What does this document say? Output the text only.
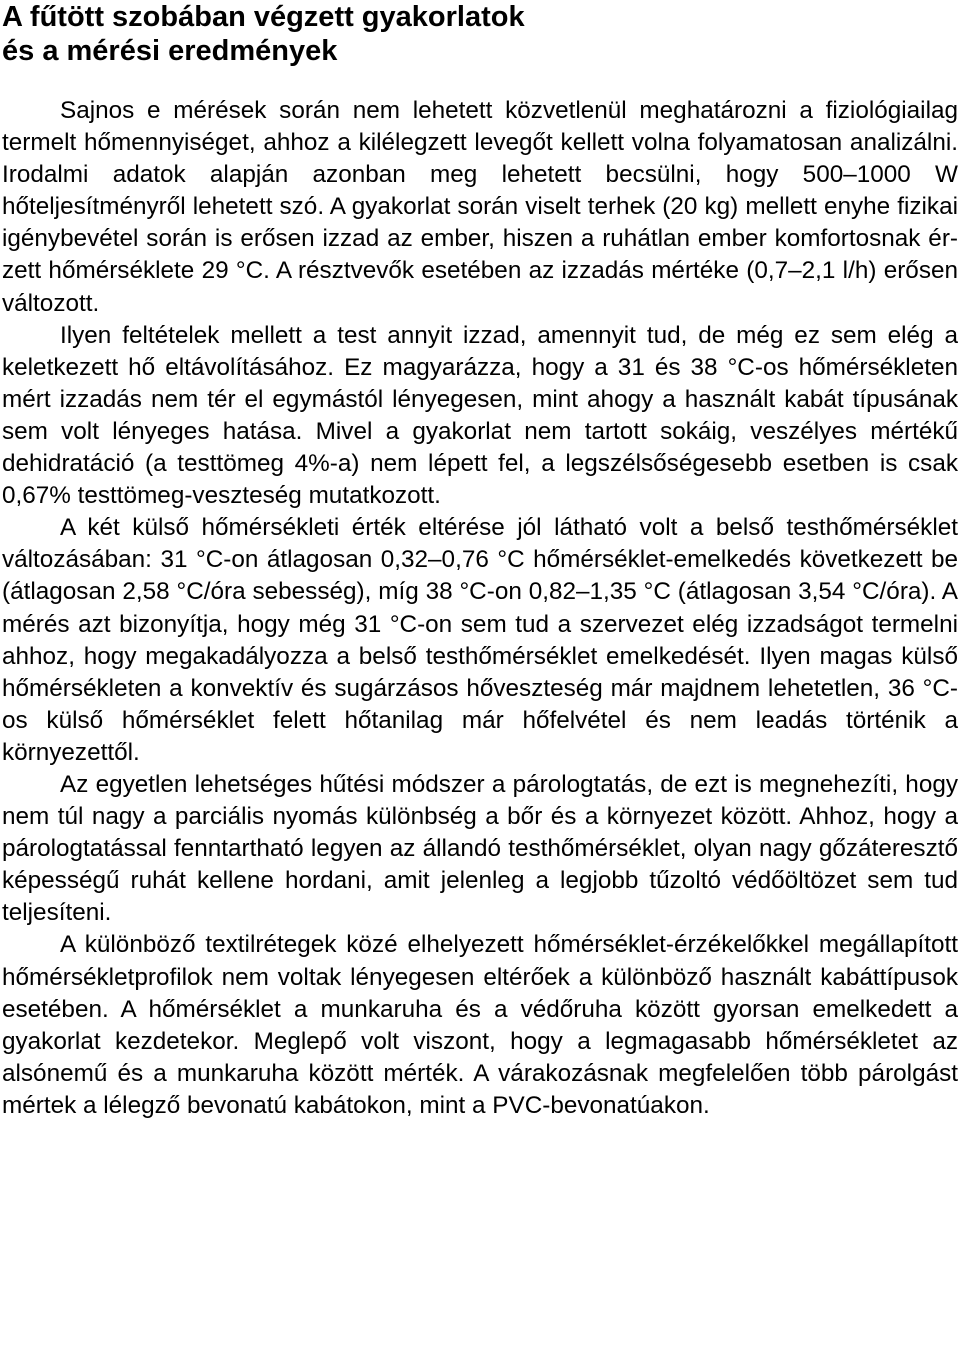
A fűtött szobában végzett gyakorlatok
és a mérési eredmények

Sajnos e mérések során nem lehetett közvetlenül meghatározni a fiziológiailag termelt hőmennyiséget, ahhoz a kilélegzett levegőt kellett volna folyamatosan analizálni. Irodalmi adatok alapján azonban meg lehetett becsülni, hogy 500–1000 W hőteljesítményről lehetett szó. A gyakorlat során viselt terhek (20 kg) mellett enyhe fizikai igénybevétel során is erősen izzad az ember, hiszen a ruhátlan ember komfortosnak érzett hőmérséklete 29 °C. A résztvevők esetében az izzadás mértéke (0,7–2,1 l/h) erősen változott.

Ilyen feltételek mellett a test annyit izzad, amennyit tud, de még ez sem elég a keletkezett hő eltávolításához. Ez magyarázza, hogy a 31 és 38 °C-os hőmérsékleten mért izzadás nem tér el egymástól lényegesen, mint ahogy a használt kabát típusának sem volt lényeges hatása. Mivel a gyakorlat nem tartott sokáig, veszélyes mértékű dehidratáció (a testtömeg 4%-a) nem lépett fel, a legszélsőségesebb esetben is csak 0,67% testtömeg-veszteség mutatkozott.

A két külső hőmérsékleti érték eltérése jól látható volt a belső testhőmérséklet változásában: 31 °C-on átlagosan 0,32–0,76 °C hőmérséklet-emelkedés következett be (átlagosan 2,58 °C/óra sebesség), míg 38 °C-on 0,82–1,35 °C (átlagosan 3,54 °C/óra). A mérés azt bizonyítja, hogy még 31 °C-on sem tud a szervezet elég izzadságot termelni ahhoz, hogy megakadályozza a belső testhőmérséklet emelkedését. Ilyen magas külső hőmérsékleten a konvektív és sugárzásos hőveszteség már majdnem lehetetlen, 36 °C-os külső hőmérséklet felett hőtanilag már hőfelvétel és nem leadás történik a környezettől.

Az egyetlen lehetséges hűtési módszer a párologtatás, de ezt is megnehezíti, hogy nem túl nagy a parciális nyomás különbség a bőr és a környezet között. Ahhoz, hogy a párologtatással fenntartható legyen az állandó testhőmérséklet, olyan nagy gőzáteresztő képességű ruhát kellene hordani, amit jelenleg a legjobb tűzoltó védőöltözet sem tud teljesíteni.

A különböző textilrétegek közé elhelyezett hőmérséklet-érzékelőkkel megállapított hőmérsékletprofilok nem voltak lényegesen eltérőek a különböző használt kabáttípusok esetében. A hőmérséklet a munkaruha és a védőruha között gyorsan emelkedett a gyakorlat kezdetekor. Meglepő volt viszont, hogy a legmagasabb hőmérsékletet az alsónemű és a munkaruha között mérték. A várakozásnak megfelelően több párolgást mértek a lélegző bevonatú kabátokon, mint a PVC-bevonatúakon.
